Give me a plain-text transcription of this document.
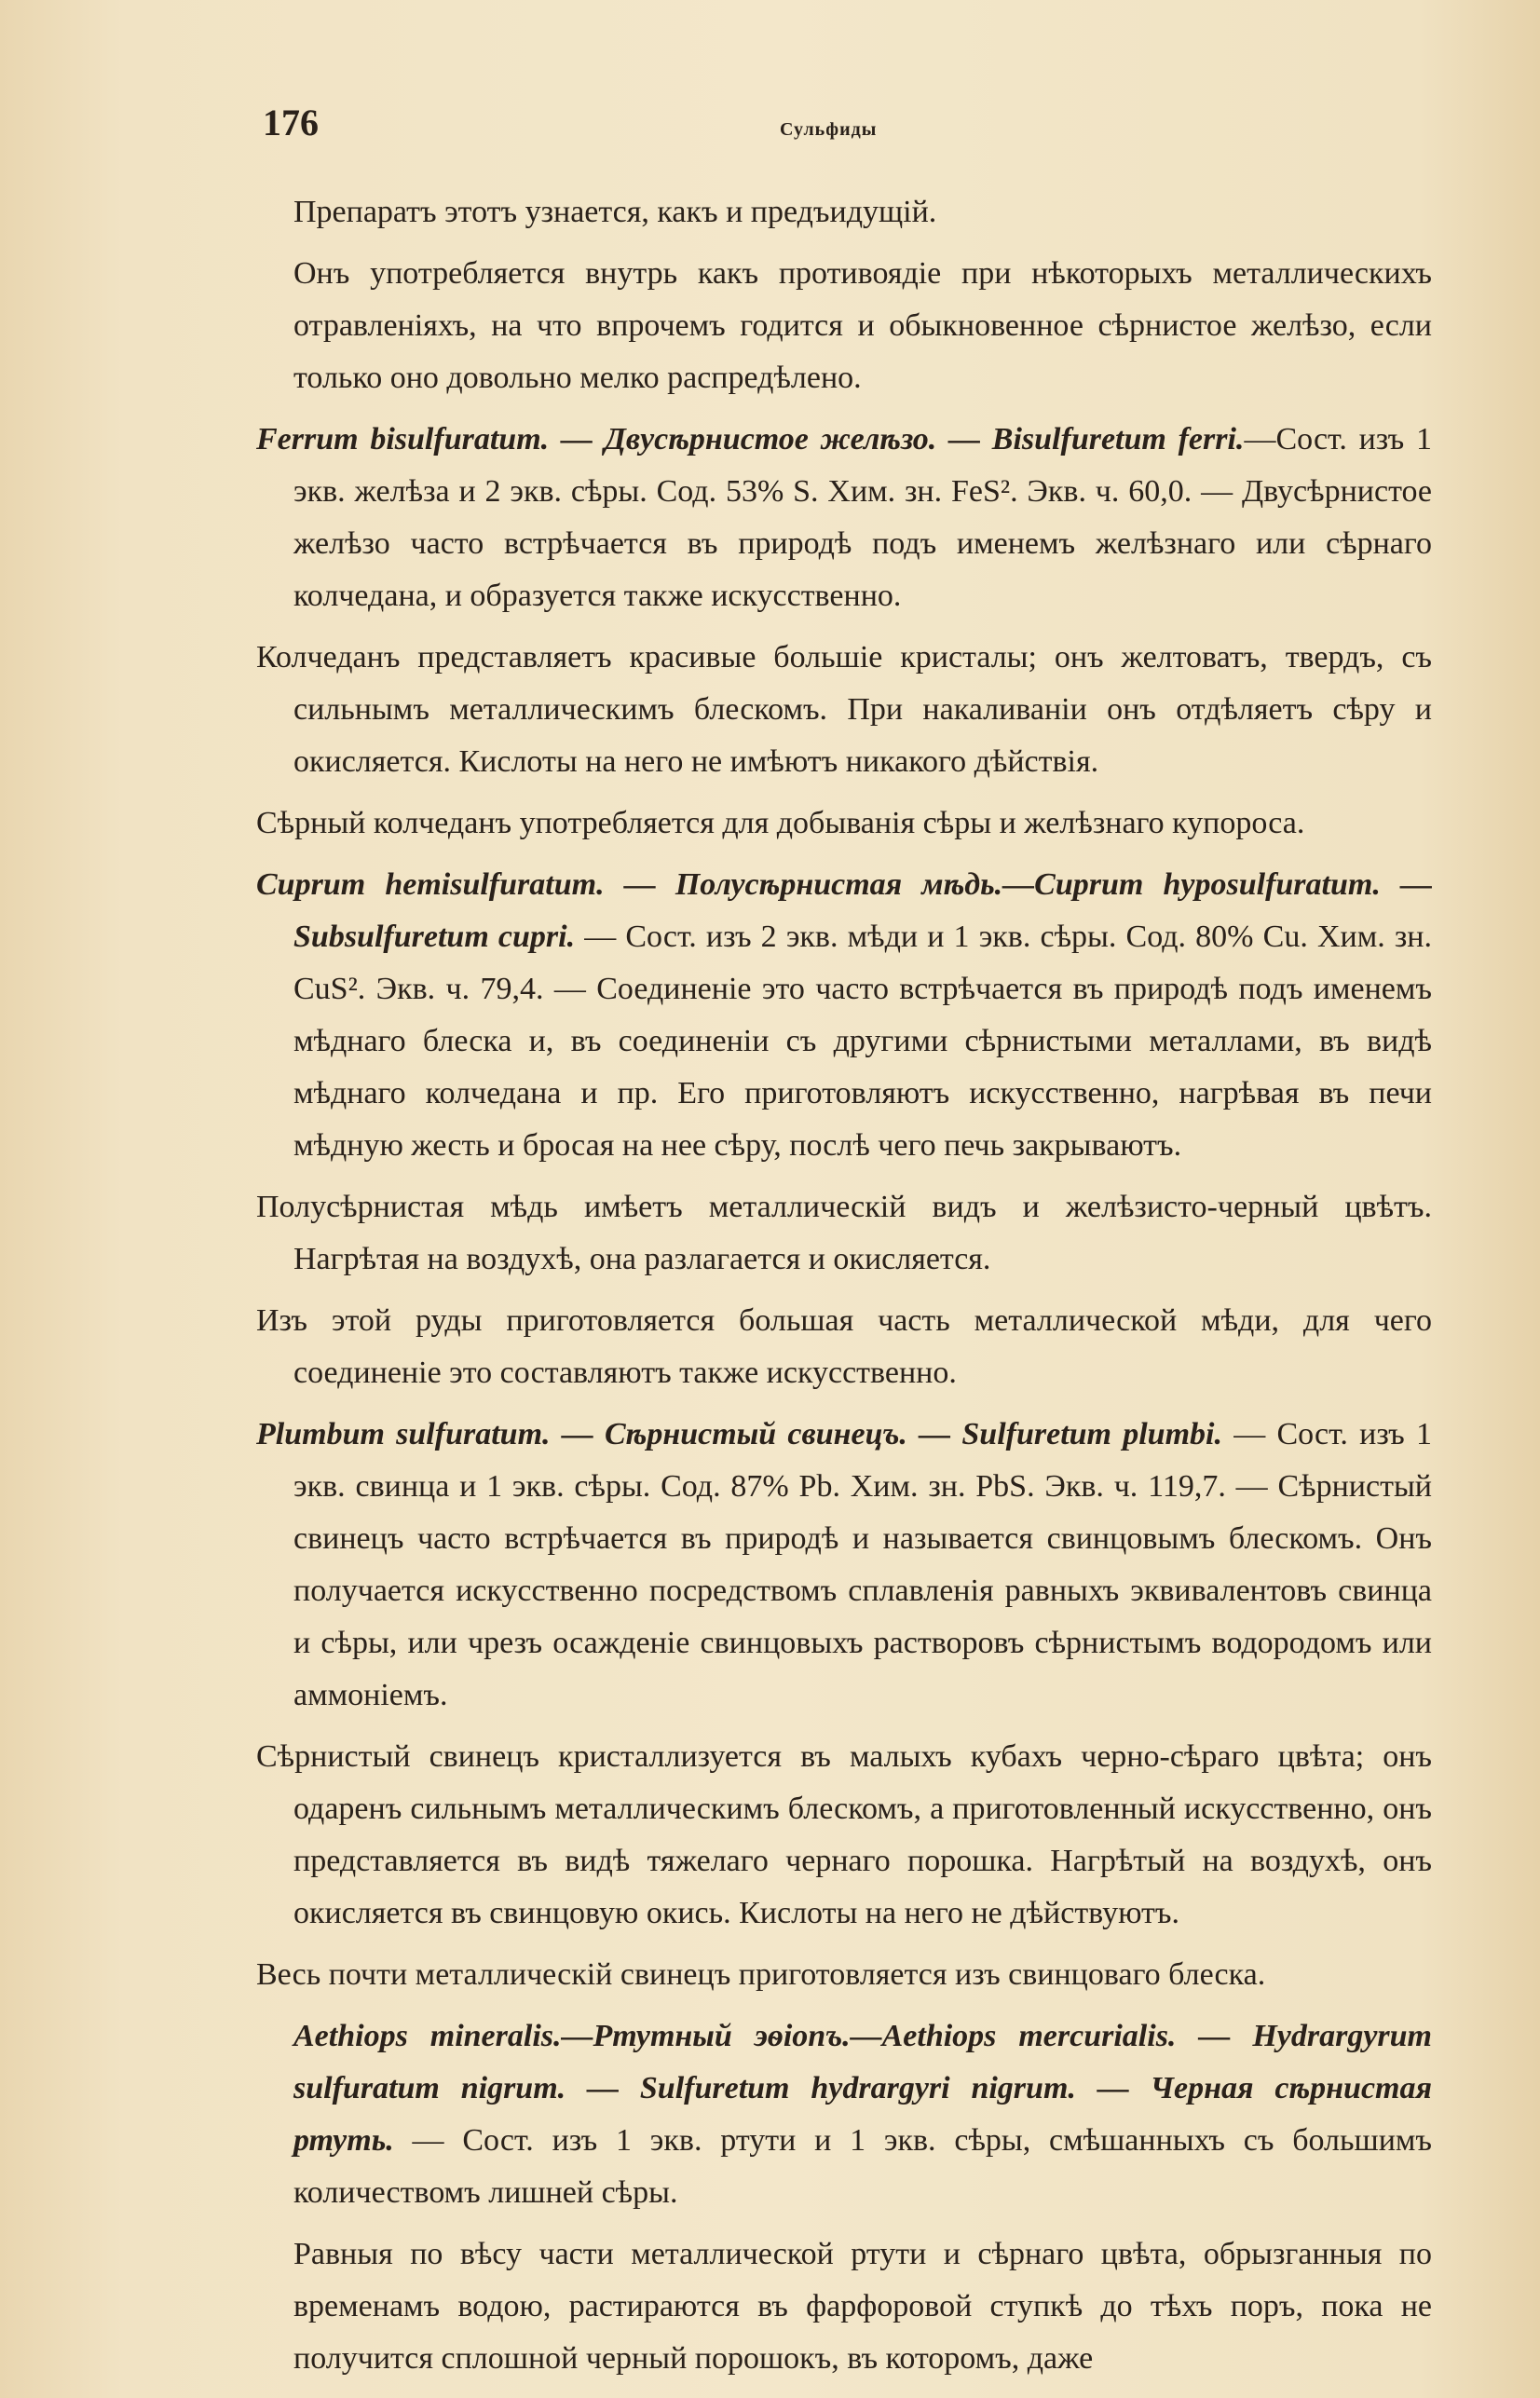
176	Сульфиды

Препаратъ этотъ узнается, какъ и предъидущій.

Онъ употребляется внутрь какъ противоядіе при нѣкоторыхъ металлическихъ отравленіяхъ, на что впрочемъ годится и обыкновенное сѣрнистое желѣзо, если только оно довольно мелко распредѣлено.

Ferrum bisulfuratum. — Двусѣрнистое желѣзо. — Bisulfuretum ferri.—Сост. изъ 1 экв. желѣза и 2 экв. сѣры. Сод. 53% S. Хим. зн. FeS². Экв. ч. 60,0. — Двусѣрнистое желѣзо часто встрѣчается въ природѣ подъ именемъ желѣзнаго или сѣрнаго колчедана, и образуется также искусственно.

Колчеданъ представляетъ красивые большіе кристалы; онъ желтоватъ, твердъ, съ сильнымъ металлическимъ блескомъ. При накаливаніи онъ отдѣляетъ сѣру и окисляется. Кислоты на него не имѣютъ никакого дѣйствія.

Сѣрный колчеданъ употребляется для добыванія сѣры и желѣзнаго купороса.

Cuprum hemisulfuratum. — Полусѣрнистая мѣдь.—Cuprum hyposulfuratum. — Subsulfuretum cupri. — Сост. изъ 2 экв. мѣди и 1 экв. сѣры. Сод. 80% Cu. Хим. зн. CuS². Экв. ч. 79,4. — Соединеніе это часто встрѣчается въ природѣ подъ именемъ мѣднаго блеска и, въ соединеніи съ другими сѣрнистыми металлами, въ видѣ мѣднаго колчедана и пр. Его приготовляютъ искусственно, нагрѣвая въ печи мѣдную жесть и бросая на нее сѣру, послѣ чего печь закрываютъ.

Полусѣрнистая мѣдь имѣетъ металлическій видъ и желѣзисто-черный цвѣтъ. Нагрѣтая на воздухѣ, она разлагается и окисляется.

Изъ этой руды приготовляется большая часть металлической мѣди, для чего соединеніе это составляютъ также искусственно.

Plumbum sulfuratum. — Сѣрнистый свинецъ. — Sulfuretum plumbi. — Сост. изъ 1 экв. свинца и 1 экв. сѣры. Сод. 87% Pb. Хим. зн. PbS. Экв. ч. 119,7. — Сѣрнистый свинецъ часто встрѣчается въ природѣ и называется свинцовымъ блескомъ. Онъ получается искусственно посредствомъ сплавленія равныхъ эквивалентовъ свинца и сѣры, или чрезъ осажденіе свинцовыхъ растворовъ сѣрнистымъ водородомъ или аммоніемъ.

Сѣрнистый свинецъ кристаллизуется въ малыхъ кубахъ черно-сѣраго цвѣта; онъ одаренъ сильнымъ металлическимъ блескомъ, а приготовленный искусственно, онъ представляется въ видѣ тяжелаго чернаго порошка. Нагрѣтый на воздухѣ, онъ окисляется въ свинцовую окись. Кислоты на него не дѣйствуютъ.

Весь почти металлическій свинецъ приготовляется изъ свинцоваго блеска.

Aethiops mineralis.—Ртутный эѳіопъ.—Aethiops mercurialis. — Hydrargyrum sulfuratum nigrum. — Sulfuretum hydrargyri nigrum. — Черная сѣрнистая ртуть. — Сост. изъ 1 экв. ртути и 1 экв. сѣры, смѣшанныхъ съ большимъ количествомъ лишней сѣры.

Равныя по вѣсу части металлической ртути и сѣрнаго цвѣта, обрызганныя по временамъ водою, растираются въ фарфоровой ступкѣ до тѣхъ поръ, пока не получится сплошной черный порошокъ, въ которомъ, даже
